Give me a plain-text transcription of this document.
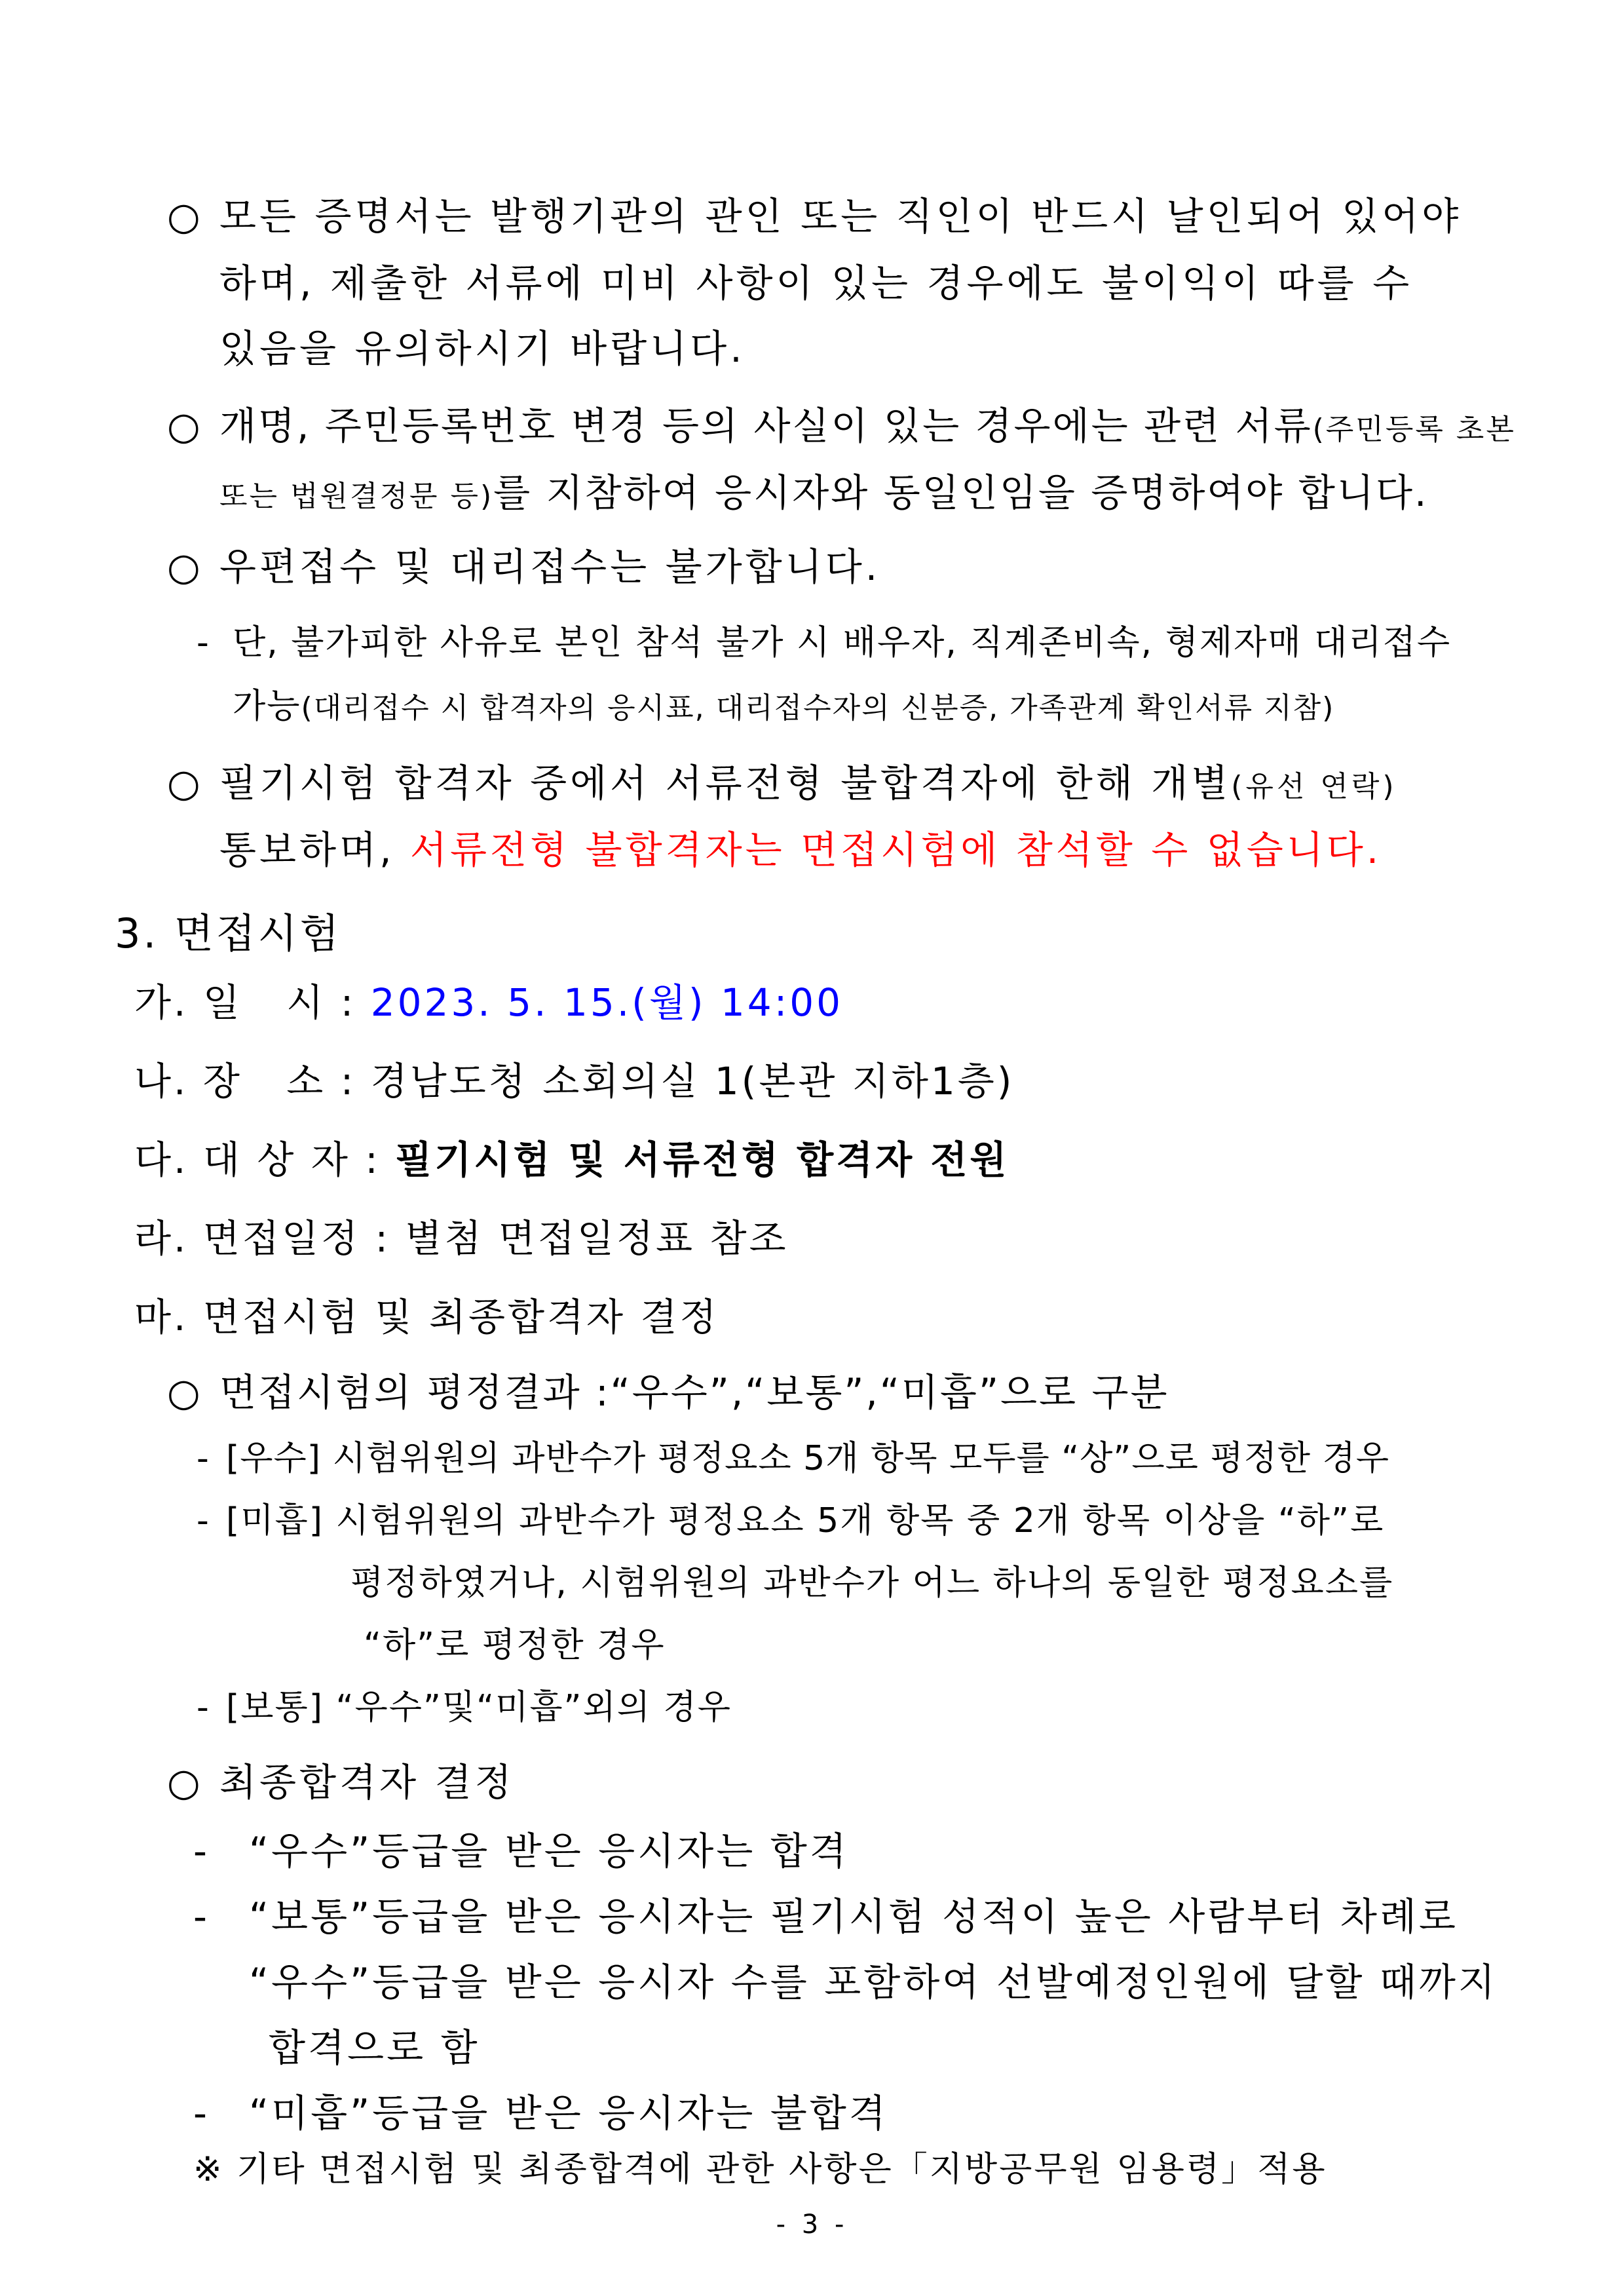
○ 모든 증명서는 발행기관의 관인 또는 직인이 반드시 날인되어 있어야
하며, 제출한 서류에 미비 사항이 있는 경우에도 불이익이 따를 수
있음을 유의하시기 바랍니다.
○ 개명, 주민등록번호 변경 등의 사실이 있는 경우에는 관련 서류(주민등록 초본
또는 법원결정문 등)를 지참하여 응시자와 동일인임을 증명하여야 합니다.
○ 우편접수 및 대리접수는 불가합니다.
- 단, 불가피한 사유로 본인 참석 불가 시 배우자, 직계존비속, 형제자매 대리접수
가능(대리접수 시 합격자의 응시표, 대리접수자의 신분증, 가족관계 확인서류 지참)
○ 필기시험 합격자 중에서 서류전형 불합격자에 한해 개별(유선 연락)
통보하며, 서류전형 불합격자는 면접시험에 참석할 수 없습니다.
3. 면접시험
가. 일   시 : 2023. 5. 15.(월) 14:00
나. 장   소 : 경남도청 소회의실 1(본관 지하1층)
다. 대 상 자 : 필기시험 및 서류전형 합격자 전원
라. 면접일정 : 별첨 면접일정표 참조
마. 면접시험 및 최종합격자 결정
○ 면접시험의 평정결과 :“우수”,“보통”,“미흡”으로 구분
- [우수] 시험위원의 과반수가 평정요소 5개 항목 모두를 “상”으로 평정한 경우
- [미흡] 시험위원의 과반수가 평정요소 5개 항목 중 2개 항목 이상을 “하”로
평정하였거나, 시험위원의 과반수가 어느 하나의 동일한 평정요소를
“하”로 평정한 경우
- [보통] “우수”및“미흡”외의 경우
○ 최종합격자 결정
- “우수”등급을 받은 응시자는 합격
- “보통”등급을 받은 응시자는 필기시험 성적이 높은 사람부터 차례로
“우수”등급을 받은 응시자 수를 포함하여 선발예정인원에 달할 때까지
합격으로 함
- “미흡”등급을 받은 응시자는 불합격
※ 기타 면접시험 및 최종합격에 관한 사항은「지방공무원 임용령」적용
- 3 -
